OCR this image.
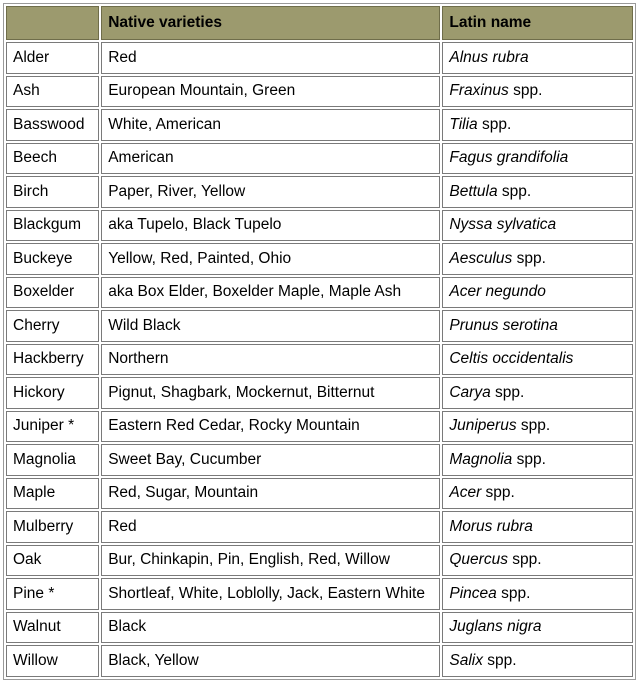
	Native varieties	Latin name
Alder	Red	Alnus rubra
Ash	European Mountain, Green	Fraxinus spp.
Basswood	White, American	Tilia spp.
Beech	American	Fagus grandifolia
Birch	Paper, River, Yellow	Bettula spp.
Blackgum	aka Tupelo, Black Tupelo	Nyssa sylvatica
Buckeye	Yellow, Red, Painted, Ohio	Aesculus spp.
Boxelder	aka Box Elder, Boxelder Maple, Maple Ash	Acer negundo
Cherry	Wild Black	Prunus serotina
Hackberry	Northern	Celtis occidentalis
Hickory	Pignut, Shagbark, Mockernut, Bitternut	Carya spp.
Juniper *	Eastern Red Cedar, Rocky Mountain	Juniperus spp.
Magnolia	Sweet Bay, Cucumber	Magnolia spp.
Maple	Red, Sugar, Mountain	Acer spp.
Mulberry	Red	Morus rubra
Oak	Bur, Chinkapin, Pin, English, Red, Willow	Quercus spp.
Pine *	Shortleaf, White, Loblolly, Jack, Eastern White	Pincea spp.
Walnut	Black	Juglans nigra
Willow	Black, Yellow	Salix spp.
